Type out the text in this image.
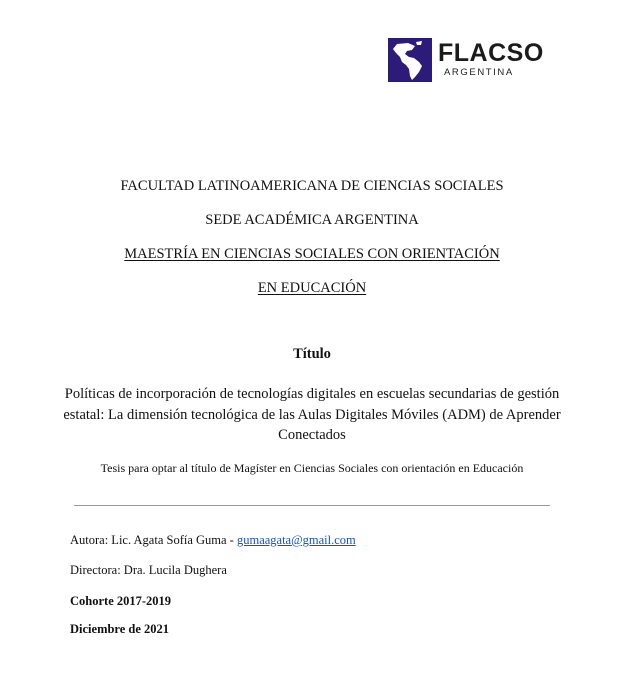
FLACSO
ARGENTINA
FACULTAD LATINOAMERICANA DE CIENCIAS SOCIALES
SEDE ACADÉMICA ARGENTINA
MAESTRÍA EN CIENCIAS SOCIALES CON ORIENTACIÓN
EN EDUCACIÓN
Título
Políticas de incorporación de tecnologías digitales en escuelas secundarias de gestión estatal: La dimensión tecnológica de las Aulas Digitales Móviles (ADM) de Aprender Conectados
Tesis para optar al título de Magíster en Ciencias Sociales con orientación en Educación
Autora: Lic. Agata Sofía Guma - gumaagata@gmail.com
Directora: Dra. Lucila Dughera
Cohorte 2017-2019
Diciembre de 2021
